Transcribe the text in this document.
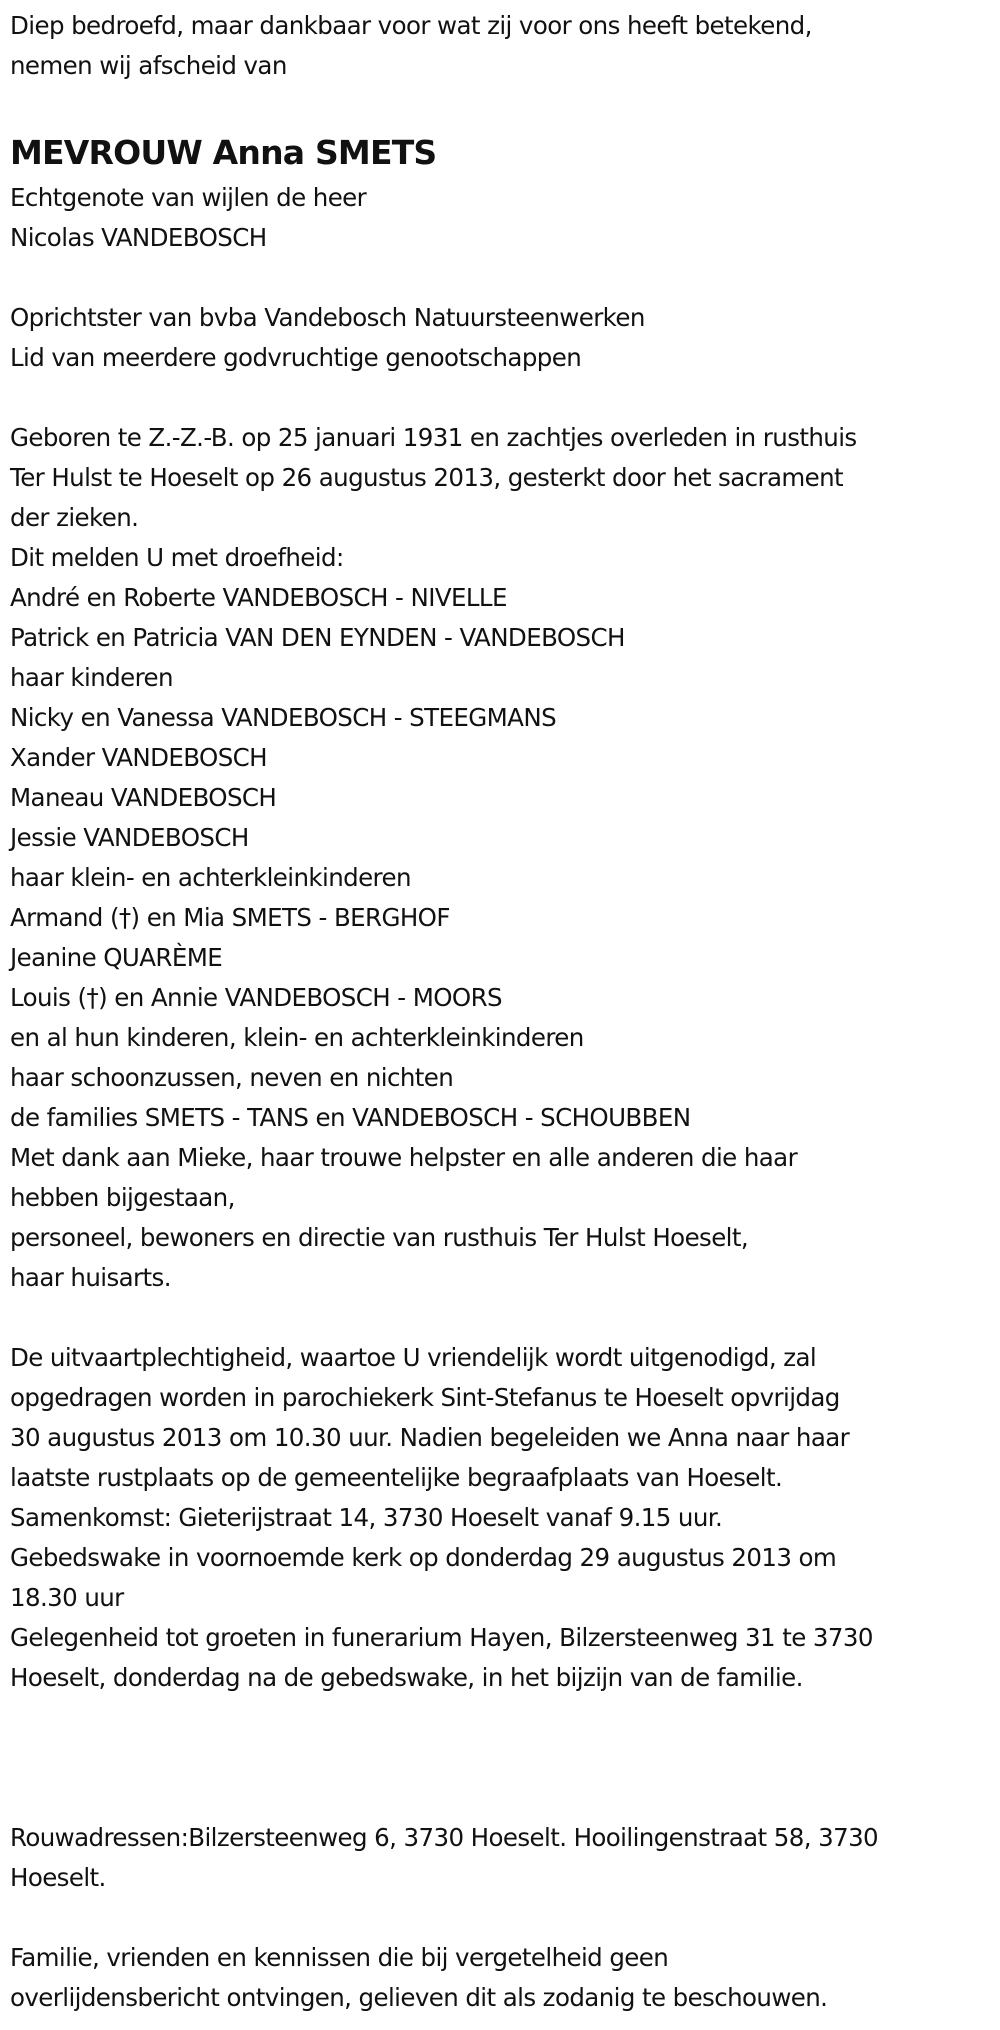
Diep bedroefd, maar dankbaar voor wat zij voor ons heeft betekend,
nemen wij afscheid van
MEVROUW Anna SMETS
Echtgenote van wijlen de heer
Nicolas VANDEBOSCH
Oprichtster van bvba Vandebosch Natuursteenwerken
Lid van meerdere godvruchtige genootschappen
Geboren te Z.-Z.-B. op 25 januari 1931 en zachtjes overleden in rusthuis
Ter Hulst te Hoeselt op 26 augustus 2013, gesterkt door het sacrament
der zieken.
Dit melden U met droefheid:
André en Roberte VANDEBOSCH - NIVELLE
Patrick en Patricia VAN DEN EYNDEN - VANDEBOSCH
haar kinderen
Nicky en Vanessa VANDEBOSCH - STEEGMANS
Xander VANDEBOSCH
Maneau VANDEBOSCH
Jessie VANDEBOSCH
haar klein- en achterkleinkinderen
Armand (†) en Mia SMETS - BERGHOF
Jeanine QUARÈME
Louis (†) en Annie VANDEBOSCH - MOORS
en al hun kinderen, klein- en achterkleinkinderen
haar schoonzussen, neven en nichten
de families SMETS - TANS en VANDEBOSCH - SCHOUBBEN
Met dank aan Mieke, haar trouwe helpster en alle anderen die haar
hebben bijgestaan,
personeel, bewoners en directie van rusthuis Ter Hulst Hoeselt,
haar huisarts.
De uitvaartplechtigheid, waartoe U vriendelijk wordt uitgenodigd, zal
opgedragen worden in parochiekerk Sint-Stefanus te Hoeselt opvrijdag
30 augustus 2013 om 10.30 uur. Nadien begeleiden we Anna naar haar
laatste rustplaats op de gemeentelijke begraafplaats van Hoeselt.
Samenkomst: Gieterijstraat 14, 3730 Hoeselt vanaf 9.15 uur.
Gebedswake in voornoemde kerk op donderdag 29 augustus 2013 om
18.30 uur
Gelegenheid tot groeten in funerarium Hayen, Bilzersteenweg 31 te 3730
Hoeselt, donderdag na de gebedswake, in het bijzijn van de familie.
Rouwadressen:Bilzersteenweg 6, 3730 Hoeselt. Hooilingenstraat 58, 3730
Hoeselt.
Familie, vrienden en kennissen die bij vergetelheid geen
overlijdensbericht ontvingen, gelieven dit als zodanig te beschouwen.
